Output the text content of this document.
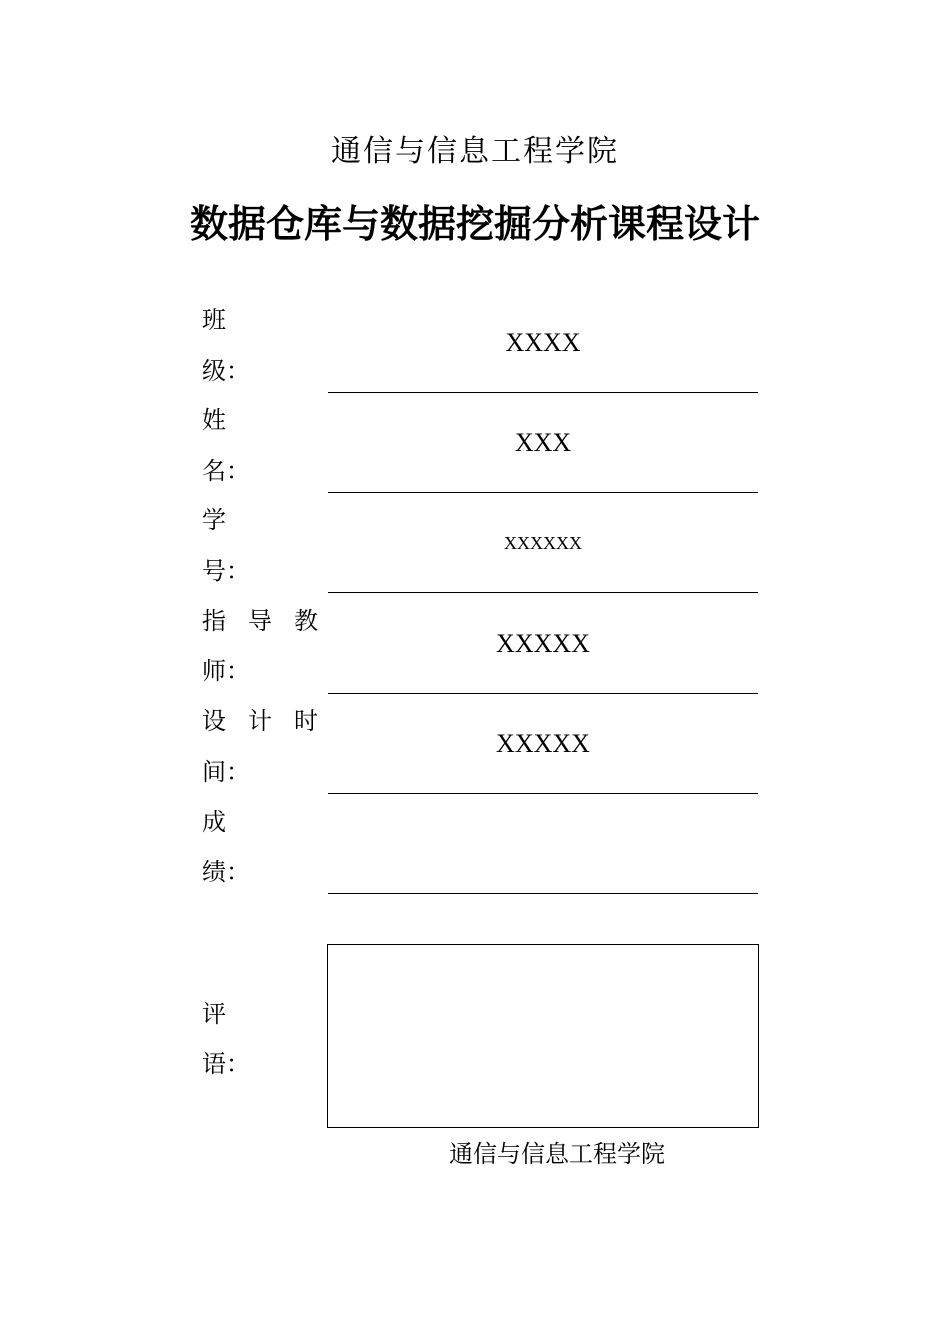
通信与信息工程学院
数据仓库与数据挖掘分析课程设计
班
级：
XXXX
姓
名：
XXX
学
号：
XXXXXX
指 导 教
师：
XXXXX
设 计 时
间：
XXXXX
成
绩：
评
语：
通信与信息工程学院
